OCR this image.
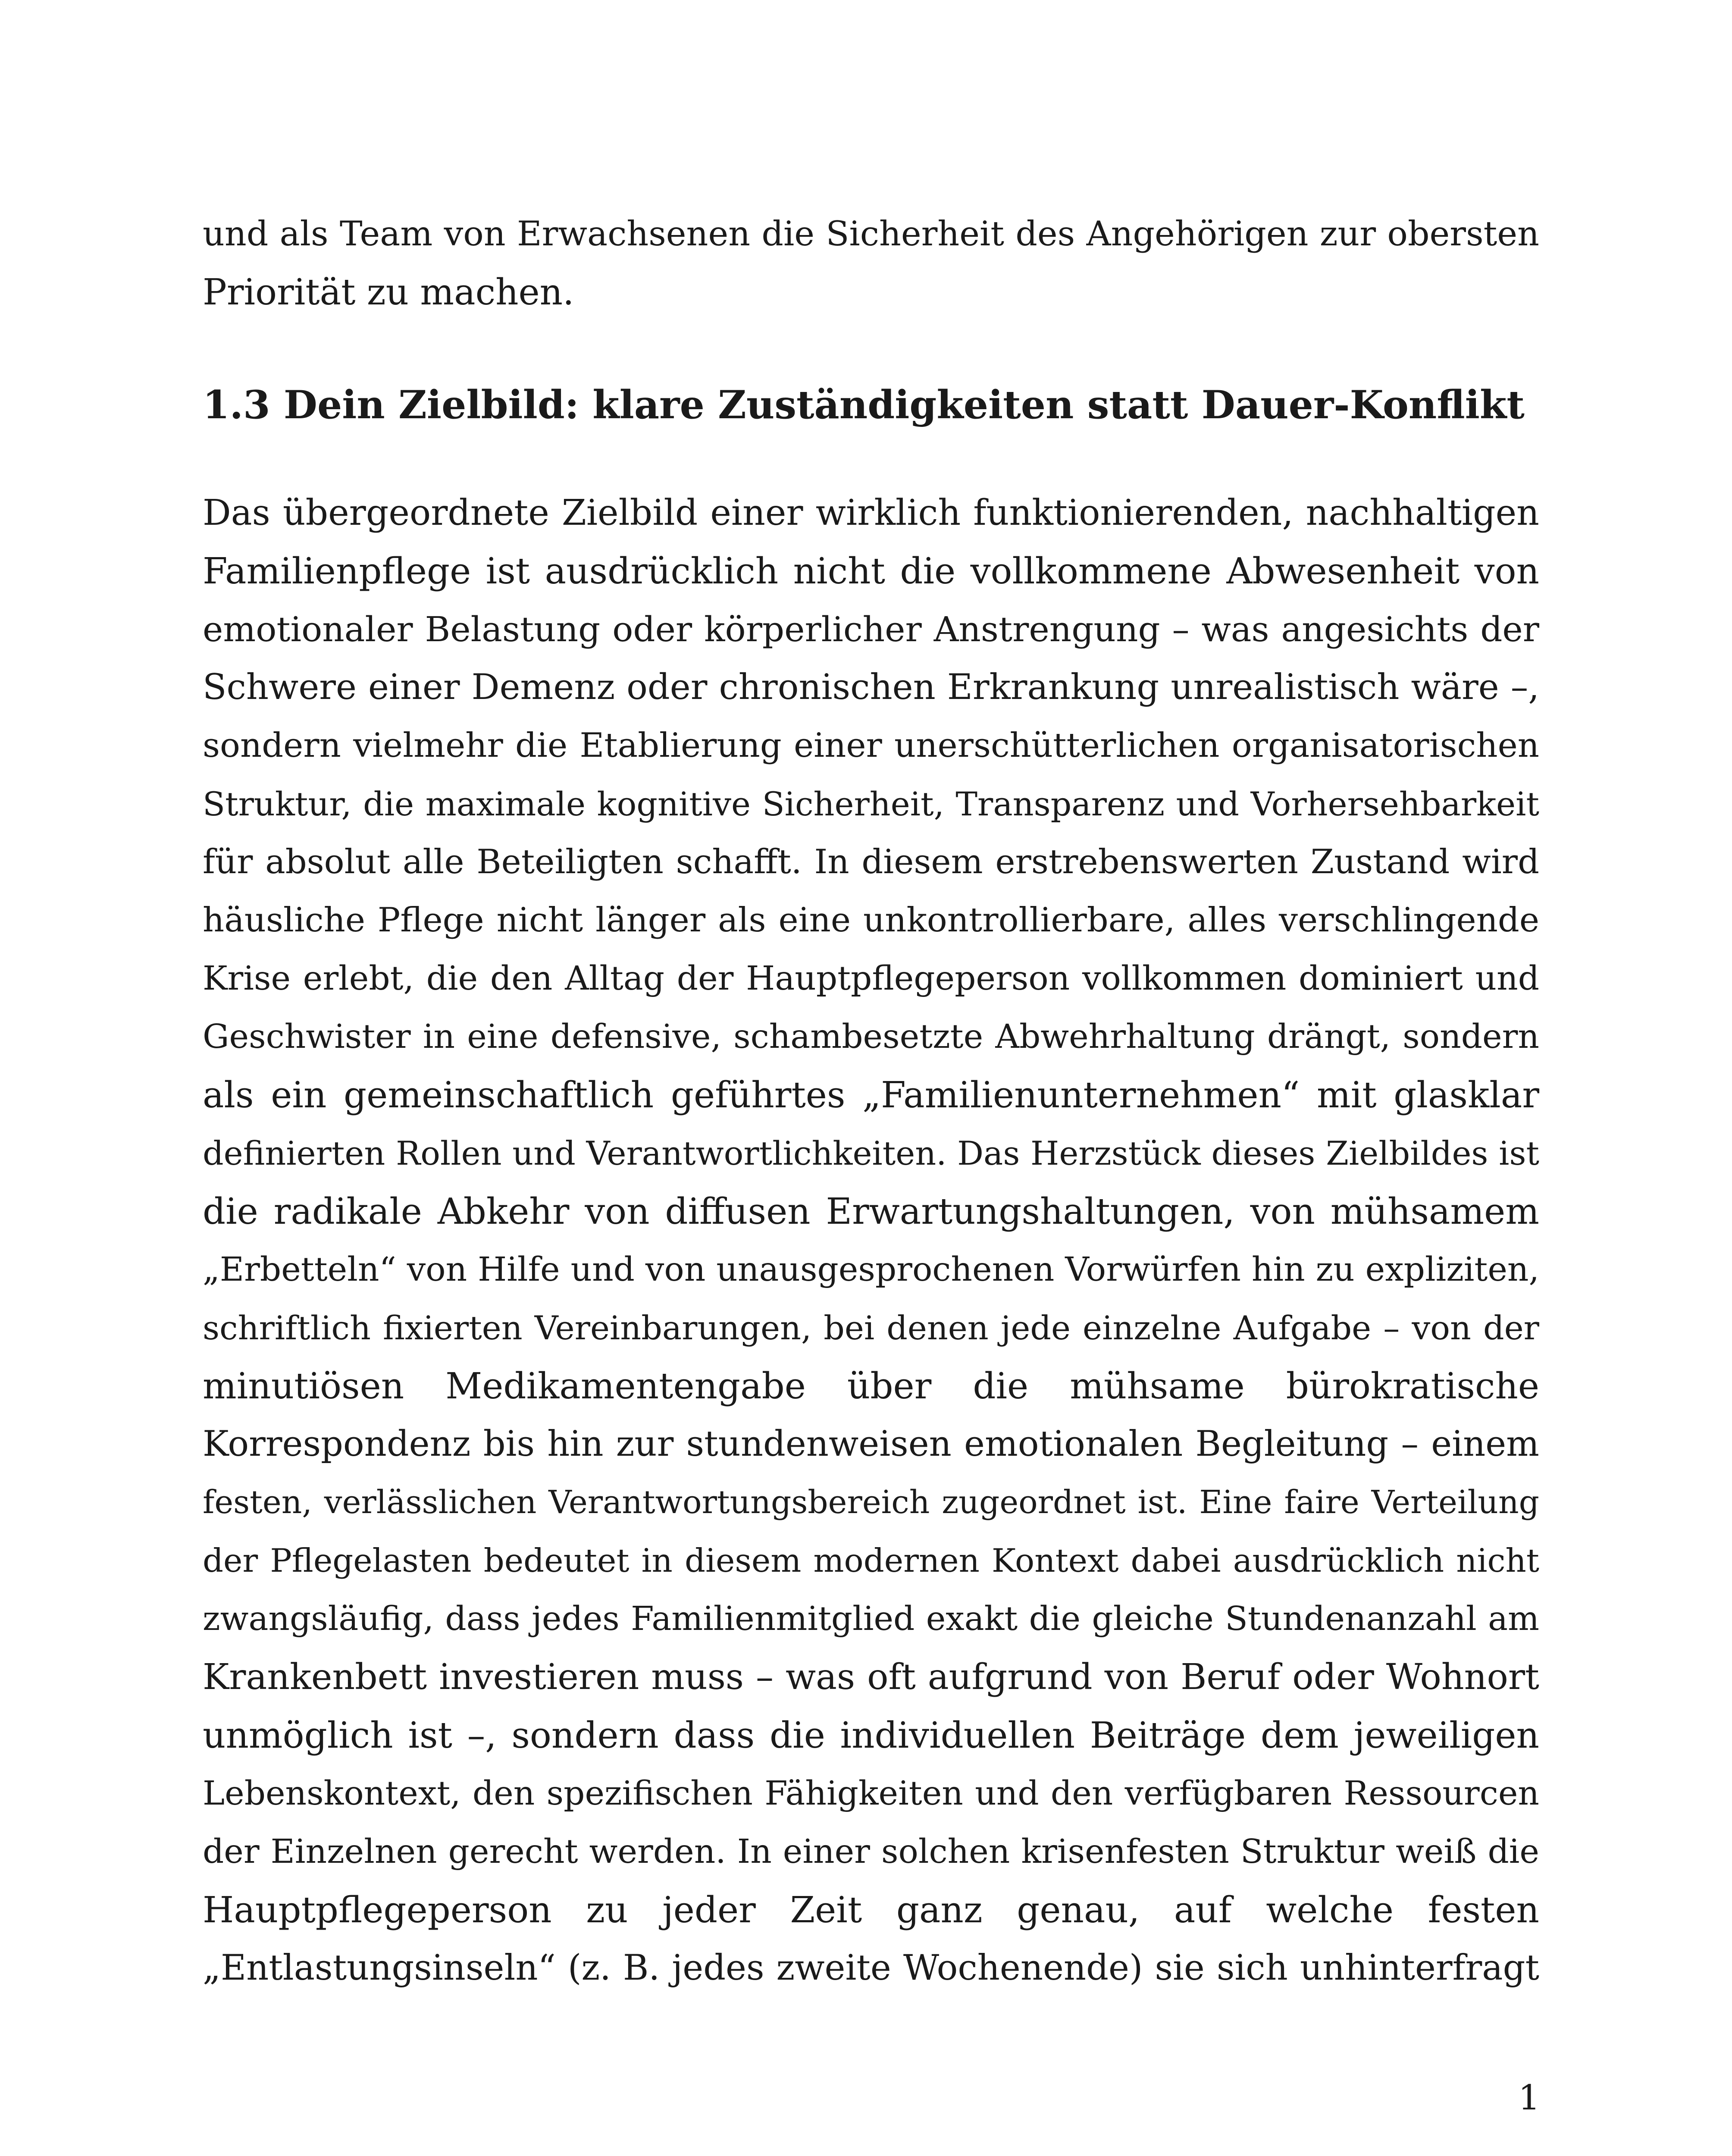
und als Team von Erwachsenen die Sicherheit des Angehörigen zur obersten
Priorität zu machen.
1.3 Dein Zielbild: klare Zuständigkeiten statt Dauer-Konflikt
Das übergeordnete Zielbild einer wirklich funktionierenden, nachhaltigen
Familienpflege ist ausdrücklich nicht die vollkommene Abwesenheit von
emotionaler Belastung oder körperlicher Anstrengung – was angesichts der
Schwere einer Demenz oder chronischen Erkrankung unrealistisch wäre –,
sondern vielmehr die Etablierung einer unerschütterlichen organisatorischen
Struktur, die maximale kognitive Sicherheit, Transparenz und Vorhersehbarkeit
für absolut alle Beteiligten schafft. In diesem erstrebenswerten Zustand wird
häusliche Pflege nicht länger als eine unkontrollierbare, alles verschlingende
Krise erlebt, die den Alltag der Hauptpflegeperson vollkommen dominiert und
Geschwister in eine defensive, schambesetzte Abwehrhaltung drängt, sondern
als ein gemeinschaftlich geführtes „Familienunternehmen“ mit glasklar
definierten Rollen und Verantwortlichkeiten. Das Herzstück dieses Zielbildes ist
die radikale Abkehr von diffusen Erwartungshaltungen, von mühsamem
„Erbetteln“ von Hilfe und von unausgesprochenen Vorwürfen hin zu expliziten,
schriftlich fixierten Vereinbarungen, bei denen jede einzelne Aufgabe – von der
minutiösen Medikamentengabe über die mühsame bürokratische
Korrespondenz bis hin zur stundenweisen emotionalen Begleitung – einem
festen, verlässlichen Verantwortungsbereich zugeordnet ist. Eine faire Verteilung
der Pflegelasten bedeutet in diesem modernen Kontext dabei ausdrücklich nicht
zwangsläufig, dass jedes Familienmitglied exakt die gleiche Stundenanzahl am
Krankenbett investieren muss – was oft aufgrund von Beruf oder Wohnort
unmöglich ist –, sondern dass die individuellen Beiträge dem jeweiligen
Lebenskontext, den spezifischen Fähigkeiten und den verfügbaren Ressourcen
der Einzelnen gerecht werden. In einer solchen krisenfesten Struktur weiß die
Hauptpflegeperson zu jeder Zeit ganz genau, auf welche festen
„Entlastungsinseln“ (z. B. jedes zweite Wochenende) sie sich unhinterfragt
1
